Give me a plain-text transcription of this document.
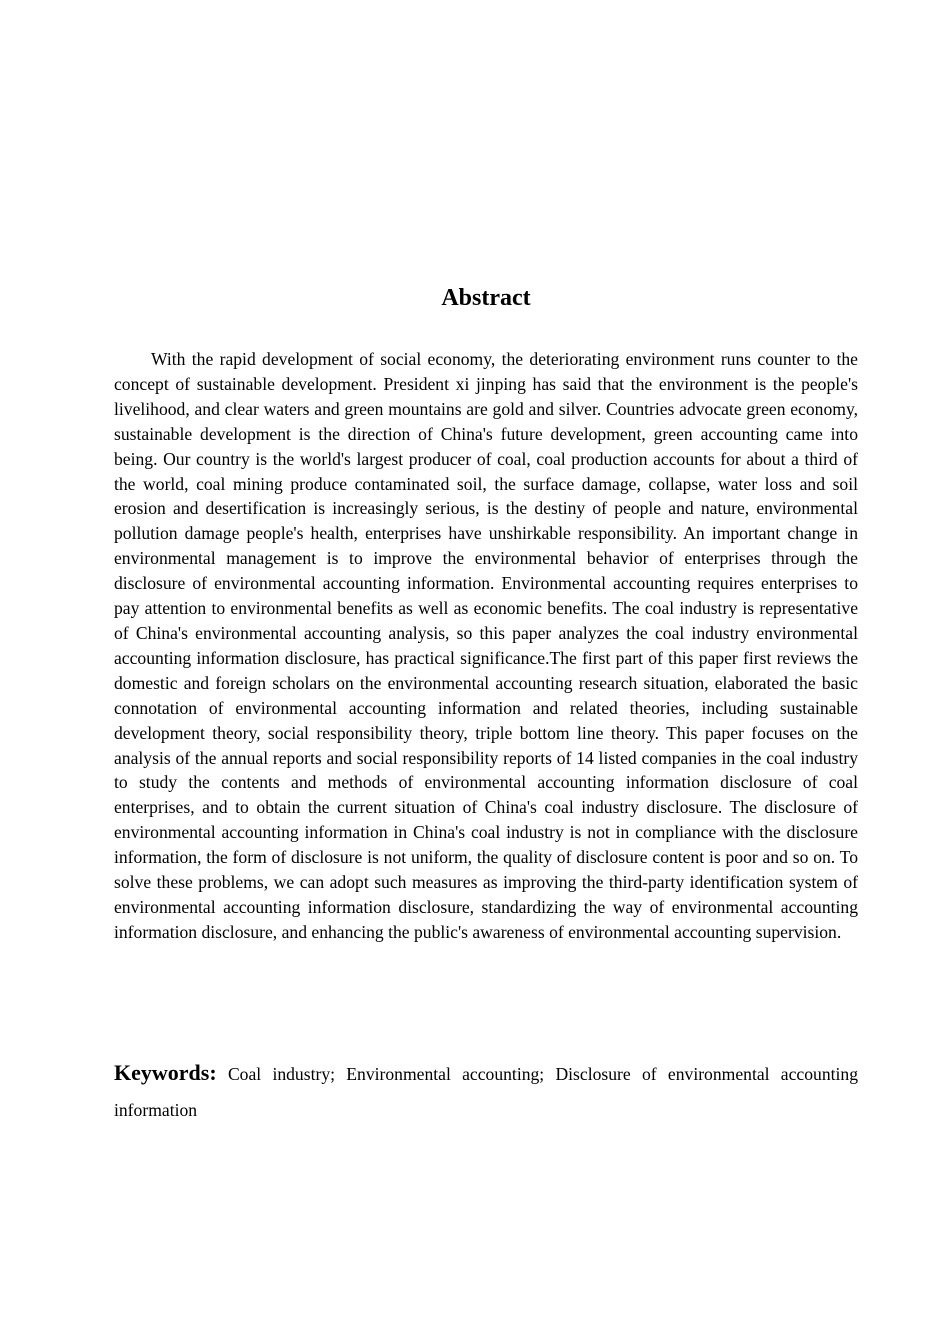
Abstract

With the rapid development of social economy, the deteriorating environment runs counter to the concept of sustainable development. President xi jinping has said that the environment is the people's livelihood, and clear waters and green mountains are gold and silver. Countries advocate green economy, sustainable development is the direction of China's future development, green accounting came into being. Our country is the world's largest producer of coal, coal production accounts for about a third of the world, coal mining produce contaminated soil, the surface damage, collapse, water loss and soil erosion and desertification is increasingly serious, is the destiny of people and nature, environmental pollution damage people's health, enterprises have unshirkable responsibility. An important change in environmental management is to improve the environmental behavior of enterprises through the disclosure of environmental accounting information. Environmental accounting requires enterprises to pay attention to environmental benefits as well as economic benefits. The coal industry is representative of China's environmental accounting analysis, so this paper analyzes the coal industry environmental accounting information disclosure, has practical significance.The first part of this paper first reviews the domestic and foreign scholars on the environmental accounting research situation, elaborated the basic connotation of environmental accounting information and related theories, including sustainable development theory, social responsibility theory, triple bottom line theory. This paper focuses on the analysis of the annual reports and social responsibility reports of 14 listed companies in the coal industry to study the contents and methods of environmental accounting information disclosure of coal enterprises, and to obtain the current situation of China's coal industry disclosure. The disclosure of environmental accounting information in China's coal industry is not in compliance with the disclosure information, the form of disclosure is not uniform, the quality of disclosure content is poor and so on. To solve these problems, we can adopt such measures as improving the third-party identification system of environmental accounting information disclosure, standardizing the way of environmental accounting information disclosure, and enhancing the public's awareness of environmental accounting supervision.

Keywords: Coal industry; Environmental accounting; Disclosure of environmental accounting information
